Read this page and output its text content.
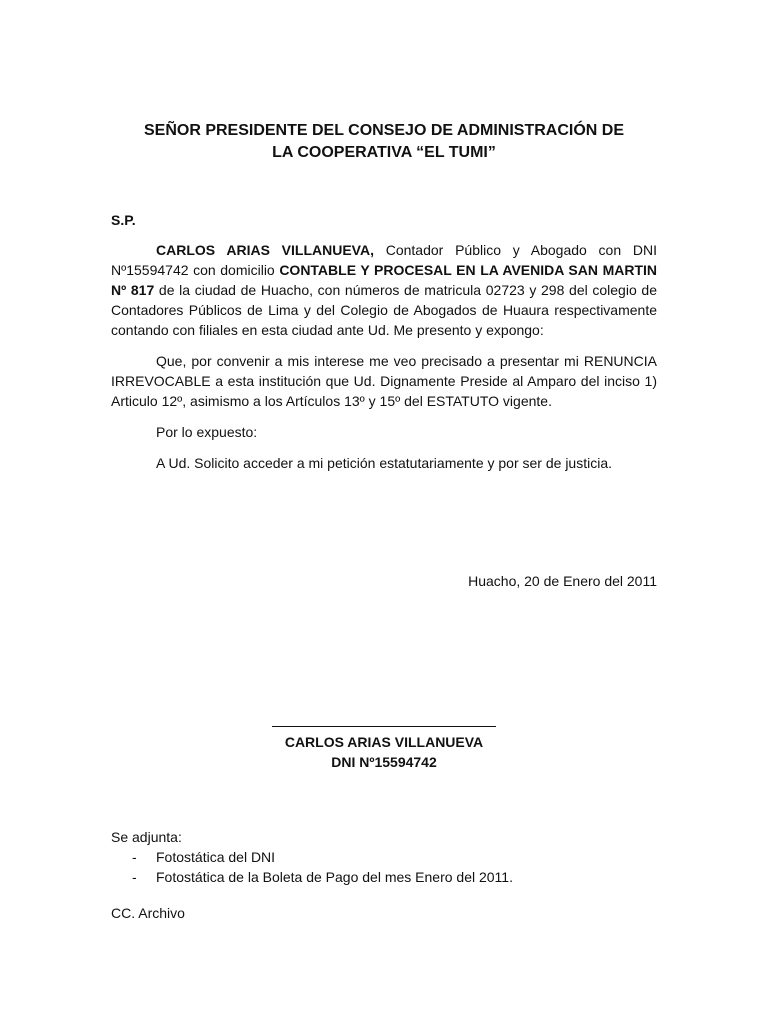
SEÑOR PRESIDENTE DEL CONSEJO DE ADMINISTRACIÓN DE
LA COOPERATIVA “EL TUMI”
S.P.

CARLOS ARIAS VILLANUEVA, Contador Público y Abogado con DNI Nº15594742 con domicilio CONTABLE Y PROCESAL EN LA AVENIDA SAN MARTIN Nº 817 de la ciudad de Huacho, con números de matricula 02723 y 298 del colegio de Contadores Públicos de Lima y del Colegio de Abogados de Huaura respectivamente contando con filiales en esta ciudad ante Ud. Me presento y expongo:

Que, por convenir a mis interese me veo precisado a presentar mi RENUNCIA IRREVOCABLE a esta institución que Ud. Dignamente Preside al Amparo del inciso 1) Articulo 12º, asimismo a los Artículos 13º y 15º del ESTATUTO vigente.

Por lo expuesto:

A Ud. Solicito acceder a mi petición estatutariamente y por ser de justicia.

Huacho, 20 de Enero del 2011
CARLOS ARIAS VILLANUEVA
DNI Nº15594742
Se adjunta:
- Fotostática del DNI
- Fotostática de la Boleta de Pago del mes Enero del 2011.
CC. Archivo
